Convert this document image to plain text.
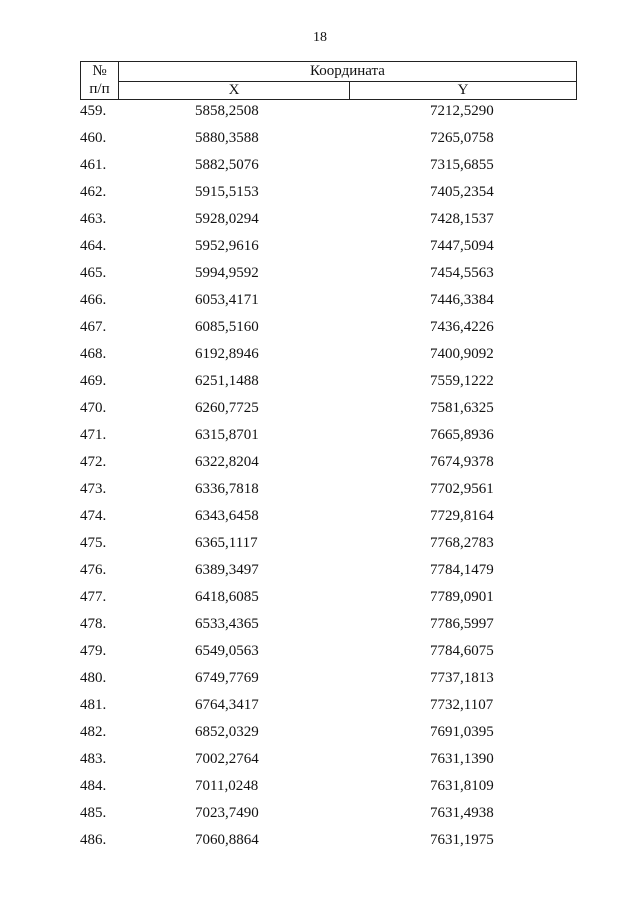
18
№
п/п
Координата
X	Y
459.	5858,2508	7212,5290
460.	5880,3588	7265,0758
461.	5882,5076	7315,6855
462.	5915,5153	7405,2354
463.	5928,0294	7428,1537
464.	5952,9616	7447,5094
465.	5994,9592	7454,5563
466.	6053,4171	7446,3384
467.	6085,5160	7436,4226
468.	6192,8946	7400,9092
469.	6251,1488	7559,1222
470.	6260,7725	7581,6325
471.	6315,8701	7665,8936
472.	6322,8204	7674,9378
473.	6336,7818	7702,9561
474.	6343,6458	7729,8164
475.	6365,1117	7768,2783
476.	6389,3497	7784,1479
477.	6418,6085	7789,0901
478.	6533,4365	7786,5997
479.	6549,0563	7784,6075
480.	6749,7769	7737,1813
481.	6764,3417	7732,1107
482.	6852,0329	7691,0395
483.	7002,2764	7631,1390
484.	7011,0248	7631,8109
485.	7023,7490	7631,4938
486.	7060,8864	7631,1975
